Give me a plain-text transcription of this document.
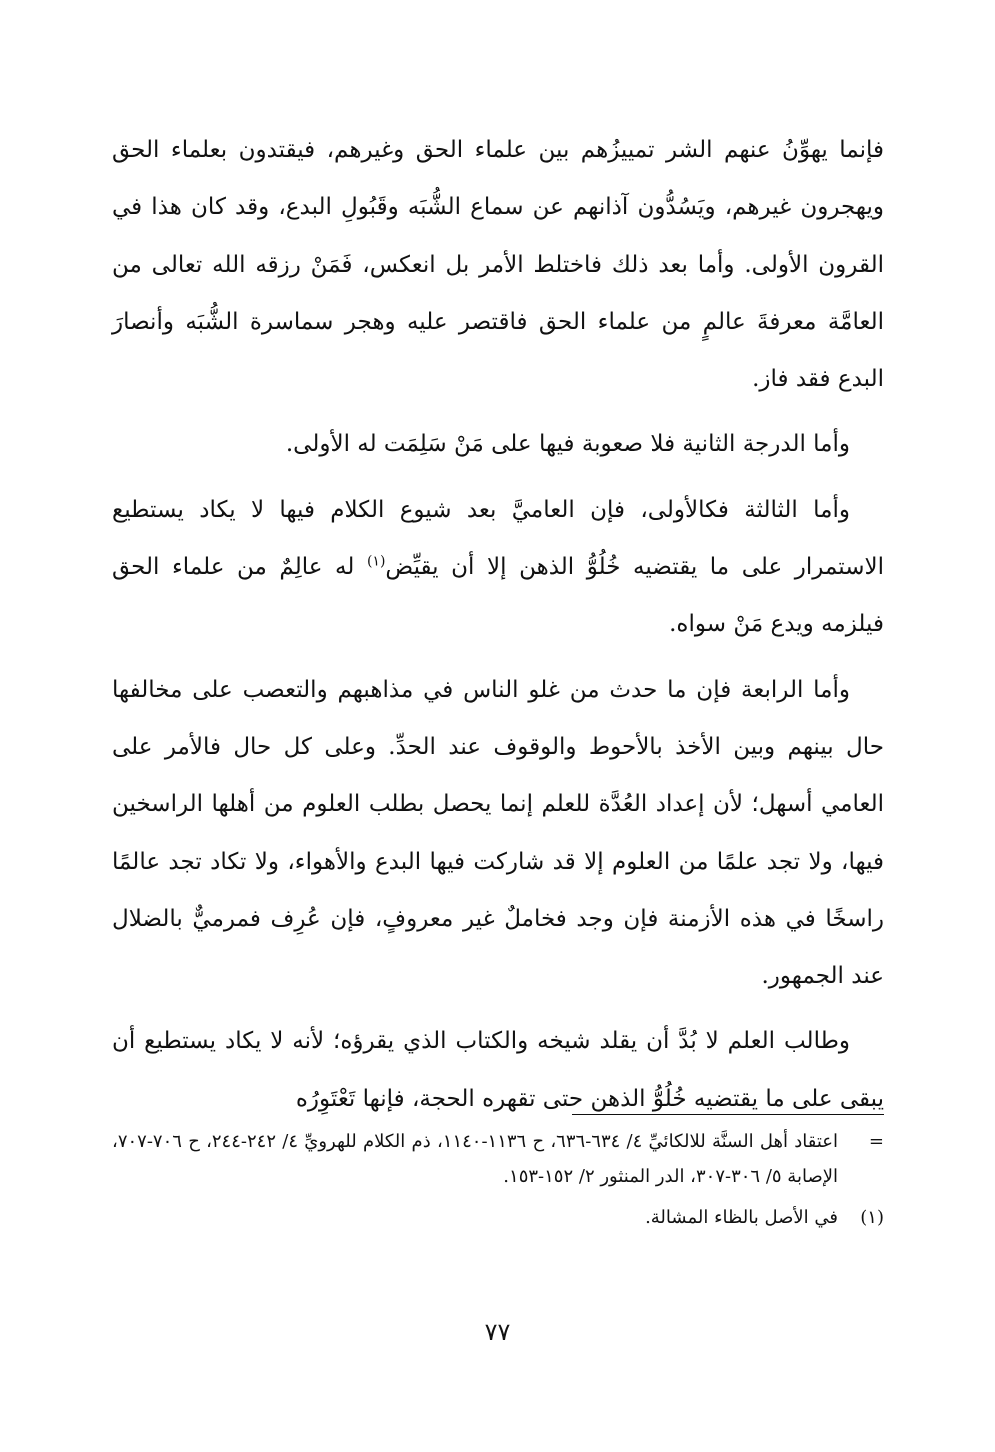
فإنما يهوِّنُ عنهم الشر تمييزُهم بين علماء الحق وغيرهم، فيقتدون بعلماء الحق ويهجرون غيرهم، ويَسُدُّون آذانهم عن سماع الشُّبَه وقَبُولِ البدع، وقد كان هذا في القرون الأولى. وأما بعد ذلك فاختلط الأمر بل انعكس، فَمَنْ رزقه الله تعالى من العامَّة معرفةَ عالمٍ من علماء الحق فاقتصر عليه وهجر سماسرة الشُّبَه وأنصارَ البدع فقد فاز.

وأما الدرجة الثانية فلا صعوبة فيها على مَنْ سَلِمَت له الأولى.

وأما الثالثة فكالأولى، فإن العاميَّ بعد شيوع الكلام فيها لا يكاد يستطيع الاستمرار على ما يقتضيه خُلُوُّ الذهن إلا أن يقيِّض$^{(١)}$ له عالِمٌ من علماء الحق فيلزمه ويدع مَنْ سواه.

وأما الرابعة فإن ما حدث من غلو الناس في مذاهبهم والتعصب على مخالفها حال بينهم وبين الأخذ بالأحوط والوقوف عند الحدِّ. وعلى كل حال فالأمر على العامي أسهل؛ لأن إعداد العُدَّة للعلم إنما يحصل بطلب العلوم من أهلها الراسخين فيها، ولا تجد علمًا من العلوم إلا قد شاركت فيها البدع والأهواء، ولا تكاد تجد عالمًا راسخًا في هذه الأزمنة فإن وجد فخاملٌ غير معروفٍ، فإن عُرِف فمرميٌّ بالضلال عند الجمهور.

وطالب العلم لا بُدَّ أن يقلد شيخه والكتاب الذي يقرؤه؛ لأنه لا يكاد يستطيع أن يبقى على ما يقتضيه خُلُوُّ الذهن حتى تقهره الحجة، فإنها تَعْتَوِرُه

=
اعتقاد أهل السنَّة للالكائيِّ ٤/ ٦٣٤-٦٣٦، ح ١١٣٦-١١٤٠، ذم الكلام للهرويِّ ٤/ ٢٤٢-٢٤٤، ح ٧٠٦-٧٠٧، الإصابة ٥/ ٣٠٦-٣٠٧، الدر المنثور ٢/ ١٥٢-١٥٣.
(١)
في الأصل بالظاء المشالة.
٧٧
